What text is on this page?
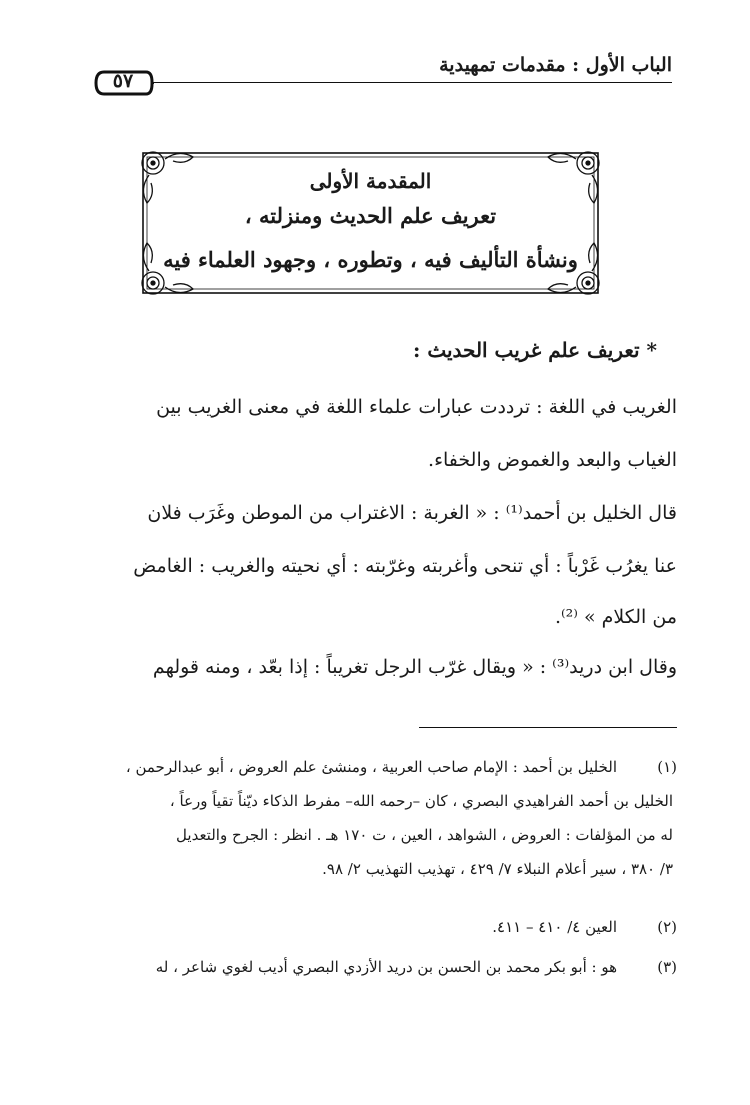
الباب الأول : مقدمات تمهيدية
٥٧
المقدمة الأولى
تعريف علم الحديث ومنزلته ،
ونشأة التأليف فيه ، وتطوره ، وجهود العلماء فيه
* تعريف علم غريب الحديث :
الغريب في اللغة : ترددت عبارات علماء اللغة في معنى الغريب بين
الغياب والبعد والغموض والخفاء.
قال الخليل بن أحمد⁽¹⁾ : « الغربة : الاغتراب من الموطن وغَرَب فلان
عنا يغرُب غَرْباً : أي تنحى وأغربته وغرّبته : أي نحيته والغريب : الغامض
من الكلام » ⁽²⁾.
وقال ابن دريد⁽³⁾ : « ويقال غرّب الرجل تغريباً : إذا بعّد ، ومنه قولهم
(١)
الخليل بن أحمد : الإمام صاحب العربية ، ومنشئ علم العروض ، أبو عبدالرحمن ،
الخليل بن أحمد الفراهيدي البصري ، كان –رحمه الله– مفرط الذكاء ديّناً تقياً ورعاً ،
له من المؤلفات : العروض ، الشواهد ، العين ، ت ١٧٠ هـ . انظر : الجرح والتعديل
٣/ ٣٨٠ ، سير أعلام النبلاء ٧/ ٤٢٩ ، تهذيب التهذيب ٢/ ٩٨.
(٢)
العين ٤/ ٤١٠ – ٤١١.
(٣)
هو : أبو بكر محمد بن الحسن بن دريد الأزدي البصري أديب لغوي شاعر ، له
